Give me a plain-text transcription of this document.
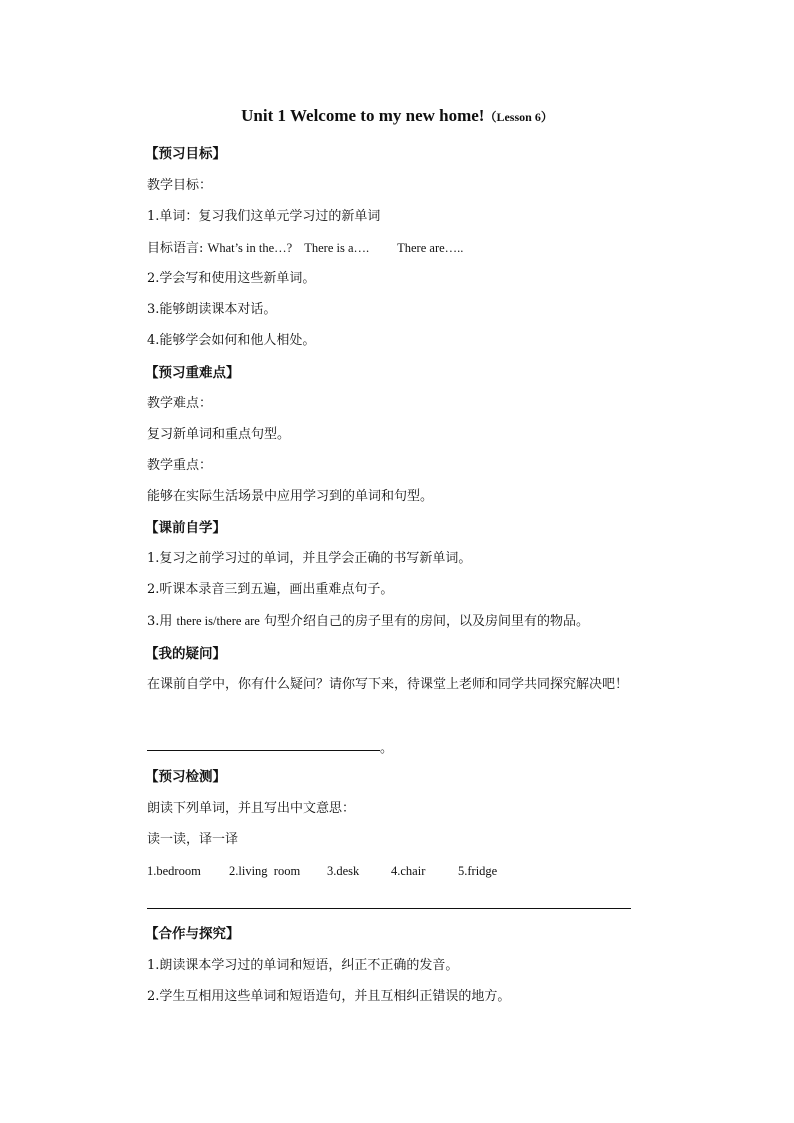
Unit 1 Welcome to my new home!（Lesson 6）
【预习目标】
教学目标：
1.单词：复习我们这单元学习过的新单词
目标语言: What’s in the…? There is a…. There are…..
2.学会写和使用这些新单词。
3.能够朗读课本对话。
4.能够学会如何和他人相处。
【预习重难点】
教学难点：
复习新单词和重点句型。
教学重点：
能够在实际生活场景中应用学习到的单词和句型。
【课前自学】
1.复习之前学习过的单词，并且学会正确的书写新单词。
2.听课本录音三到五遍，画出重难点句子。
3.用 there is/there are 句型介绍自己的房子里有的房间，以及房间里有的物品。
【我的疑问】
在课前自学中，你有什么疑问？请你写下来，待课堂上老师和同学共同探究解决吧！
。
【预习检测】
朗读下列单词，并且写出中文意思：
读一读，译一译
1.bedroom 2.living  room 3.desk	4.chair	5.fridge
【合作与探究】
1.朗读课本学习过的单词和短语，纠正不正确的发音。
2.学生互相用这些单词和短语造句，并且互相纠正错误的地方。
